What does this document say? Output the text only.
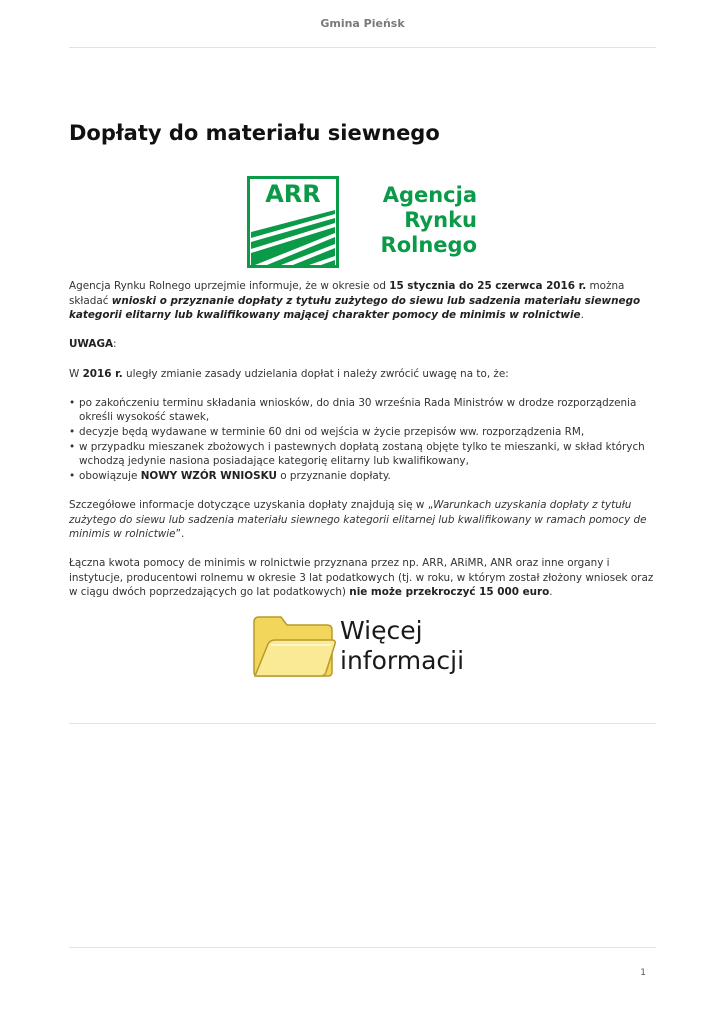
Gmina Pieńsk
Dopłaty do materiału siewnego
ARR	Agencja
Rynku
Rolnego

Agencja Rynku Rolnego uprzejmie informuje, że w okresie od 15 stycznia do 25 czerwca 2016 r. można składać wnioski o przyznanie dopłaty z tytułu zużytego do siewu lub sadzenia materiału siewnego kategorii elitarny lub kwalifikowany mającej charakter pomocy de minimis w rolnictwie.

UWAGA:

W 2016 r. uległy zmianie zasady udzielania dopłat i należy zwrócić uwagę na to, że:

• po zakończeniu terminu składania wniosków, do dnia 30 września Rada Ministrów w drodze rozporządzenia określi wysokość stawek,
• decyzje będą wydawane w terminie 60 dni od wejścia w życie przepisów ww. rozporządzenia RM,
• w przypadku mieszanek zbożowych i pastewnych dopłatą zostaną objęte tylko te mieszanki, w skład których wchodzą jedynie nasiona posiadające kategorię elitarny lub kwalifikowany,
• obowiązuje NOWY WZÓR WNIOSKU o przyznanie dopłaty.

Szczegółowe informacje dotyczące uzyskania dopłaty znajdują się w „Warunkach uzyskania dopłaty z tytułu zużytego do siewu lub sadzenia materiału siewnego kategorii elitarnej lub kwalifikowany w ramach pomocy de minimis w rolnictwie”.

Łączna kwota pomocy de minimis w rolnictwie przyznana przez np. ARR, ARiMR, ANR oraz inne organy i instytucje, producentowi rolnemu w okresie 3 lat podatkowych (tj. w roku, w którym został złożony wniosek oraz w ciągu dwóch poprzedzających go lat podatkowych) nie może przekroczyć 15 000 euro.

Więcej
informacji
1
